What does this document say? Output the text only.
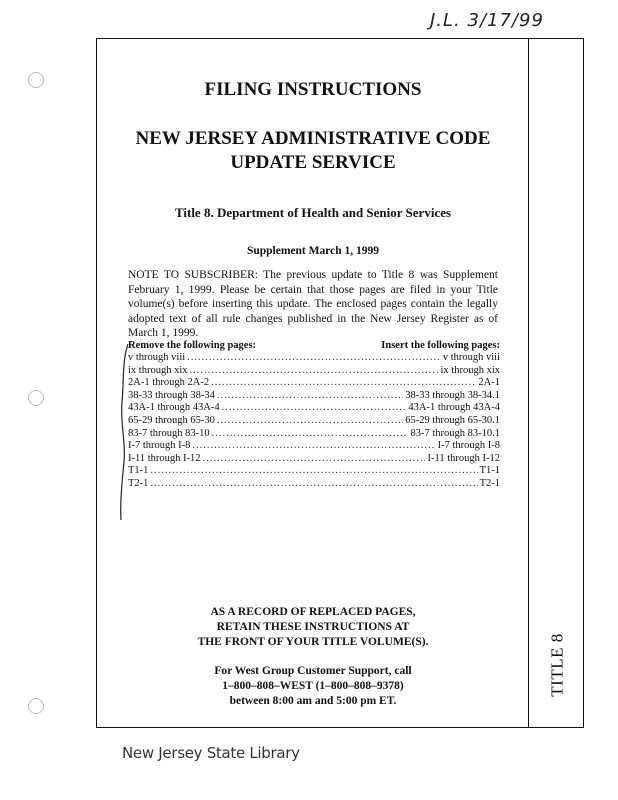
J.L. 3/17/99
TITLE 8
FILING INSTRUCTIONS
NEW JERSEY ADMINISTRATIVE CODE
UPDATE SERVICE
Title 8. Department of Health and Senior Services
Supplement March 1, 1999
NOTE TO SUBSCRIBER: The previous update to Title 8 was Supplement February 1, 1999. Please be certain that those pages are filed in your Title volume(s) before inserting this update. The enclosed pages contain the legally adopted text of all rule changes published in the New Jersey Register as of March 1, 1999.
Remove the following pages:	Insert the following pages:
v through viii .....	v through viii
ix through xix .....	ix through xix
2A-1 through 2A-2 .....	2A-1
38-33 through 38-34 .....	38-33 through 38-34.1
43A-1 through 43A-4 .....	43A-1 through 43A-4
65-29 through 65-30 .....	65-29 through 65-30.1
83-7 through 83-10 .....	83-7 through 83-10.1
I-7 through I-8 .....	I-7 through I-8
I-11 through I-12 .....	I-11 through I-12
T1-1 .....	T1-1
T2-1 .....	T2-1
AS A RECORD OF REPLACED PAGES,
RETAIN THESE INSTRUCTIONS AT
THE FRONT OF YOUR TITLE VOLUME(S).
For West Group Customer Support, call
1–800–808–WEST (1–800–808–9378)
between 8:00 am and 5:00 pm ET.
New Jersey State Library
